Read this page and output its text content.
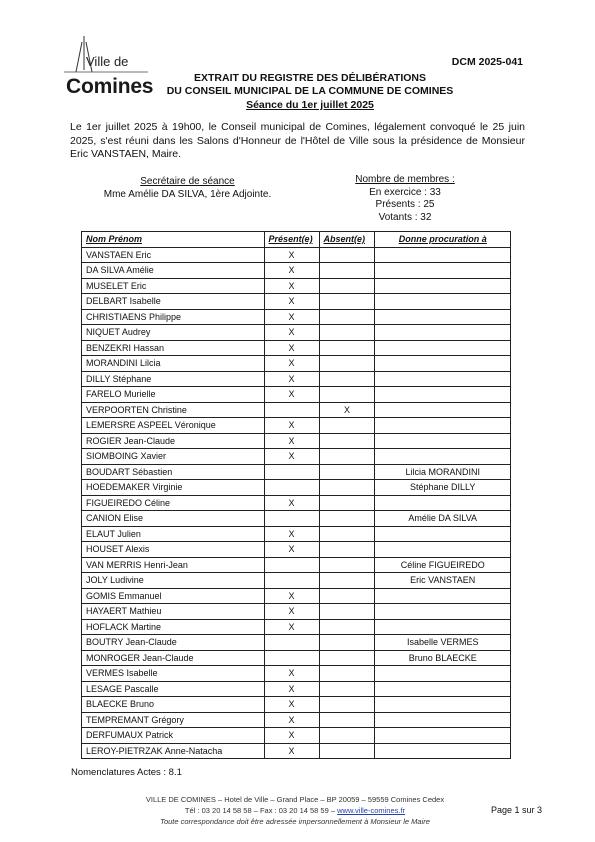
Ville de
Comines
DCM 2025-041
EXTRAIT DU REGISTRE DES DÉLIBÉRATIONS
DU CONSEIL MUNICIPAL DE LA COMMUNE DE COMINES
Séance du 1er juillet 2025
Le 1er juillet 2025 à 19h00, le Conseil municipal de Comines, légalement convoqué le 25 juin 2025, s'est réuni dans les Salons d'Honneur de l'Hôtel de Ville sous la présidence de Monsieur Eric VANSTAEN, Maire.
Secrétaire de séance
Mme Amélie DA SILVA, 1ère Adjointe.
Nombre de membres :
En exercice : 33
Présents : 25
Votants : 32
Nom Prénom	Présent(e)	Absent(e)	Donne procuration à
VANSTAEN Eric	X		
DA SILVA Amélie	X		
MUSELET Eric	X		
DELBART Isabelle	X		
CHRISTIAENS Philippe	X		
NIQUET Audrey	X		
BENZEKRI Hassan	X		
MORANDINI Lilcia	X		
DILLY Stéphane	X		
FARELO Murielle	X		
VERPOORTEN Christine		X	
LEMERSRE ASPEEL Véronique	X		
ROGIER Jean-Claude	X		
SIOMBOING Xavier	X		
BOUDART Sébastien			Lilcia MORANDINI
HOEDEMAKER Virginie			Stéphane DILLY
FIGUEIREDO Céline	X		
CANION Elise			Amélie DA SILVA
ELAUT Julien	X		
HOUSET Alexis	X		
VAN MERRIS Henri-Jean			Céline FIGUEIREDO
JOLY Ludivine			Eric VANSTAEN
GOMIS Emmanuel	X		
HAYAERT Mathieu	X		
HOFLACK Martine	X		
BOUTRY Jean-Claude			Isabelle VERMES
MONROGER Jean-Claude			Bruno BLAECKE
VERMES Isabelle	X		
LESAGE Pascalle	X		
BLAECKE Bruno	X		
TEMPREMANT Grégory	X		
DERFUMAUX Patrick	X		
LEROY-PIETRZAK Anne-Natacha	X		
Nomenclatures Actes : 8.1
VILLE DE COMINES – Hotel de Ville – Grand Place – BP 20059 – 59559 Comines Cedex
Tél : 03 20 14 58 58 – Fax : 03 20 14 58 59 – www.ville-comines.fr
Toute correspondance doit être adressée impersonnellement à Monsieur le Maire
Page 1 sur 3
